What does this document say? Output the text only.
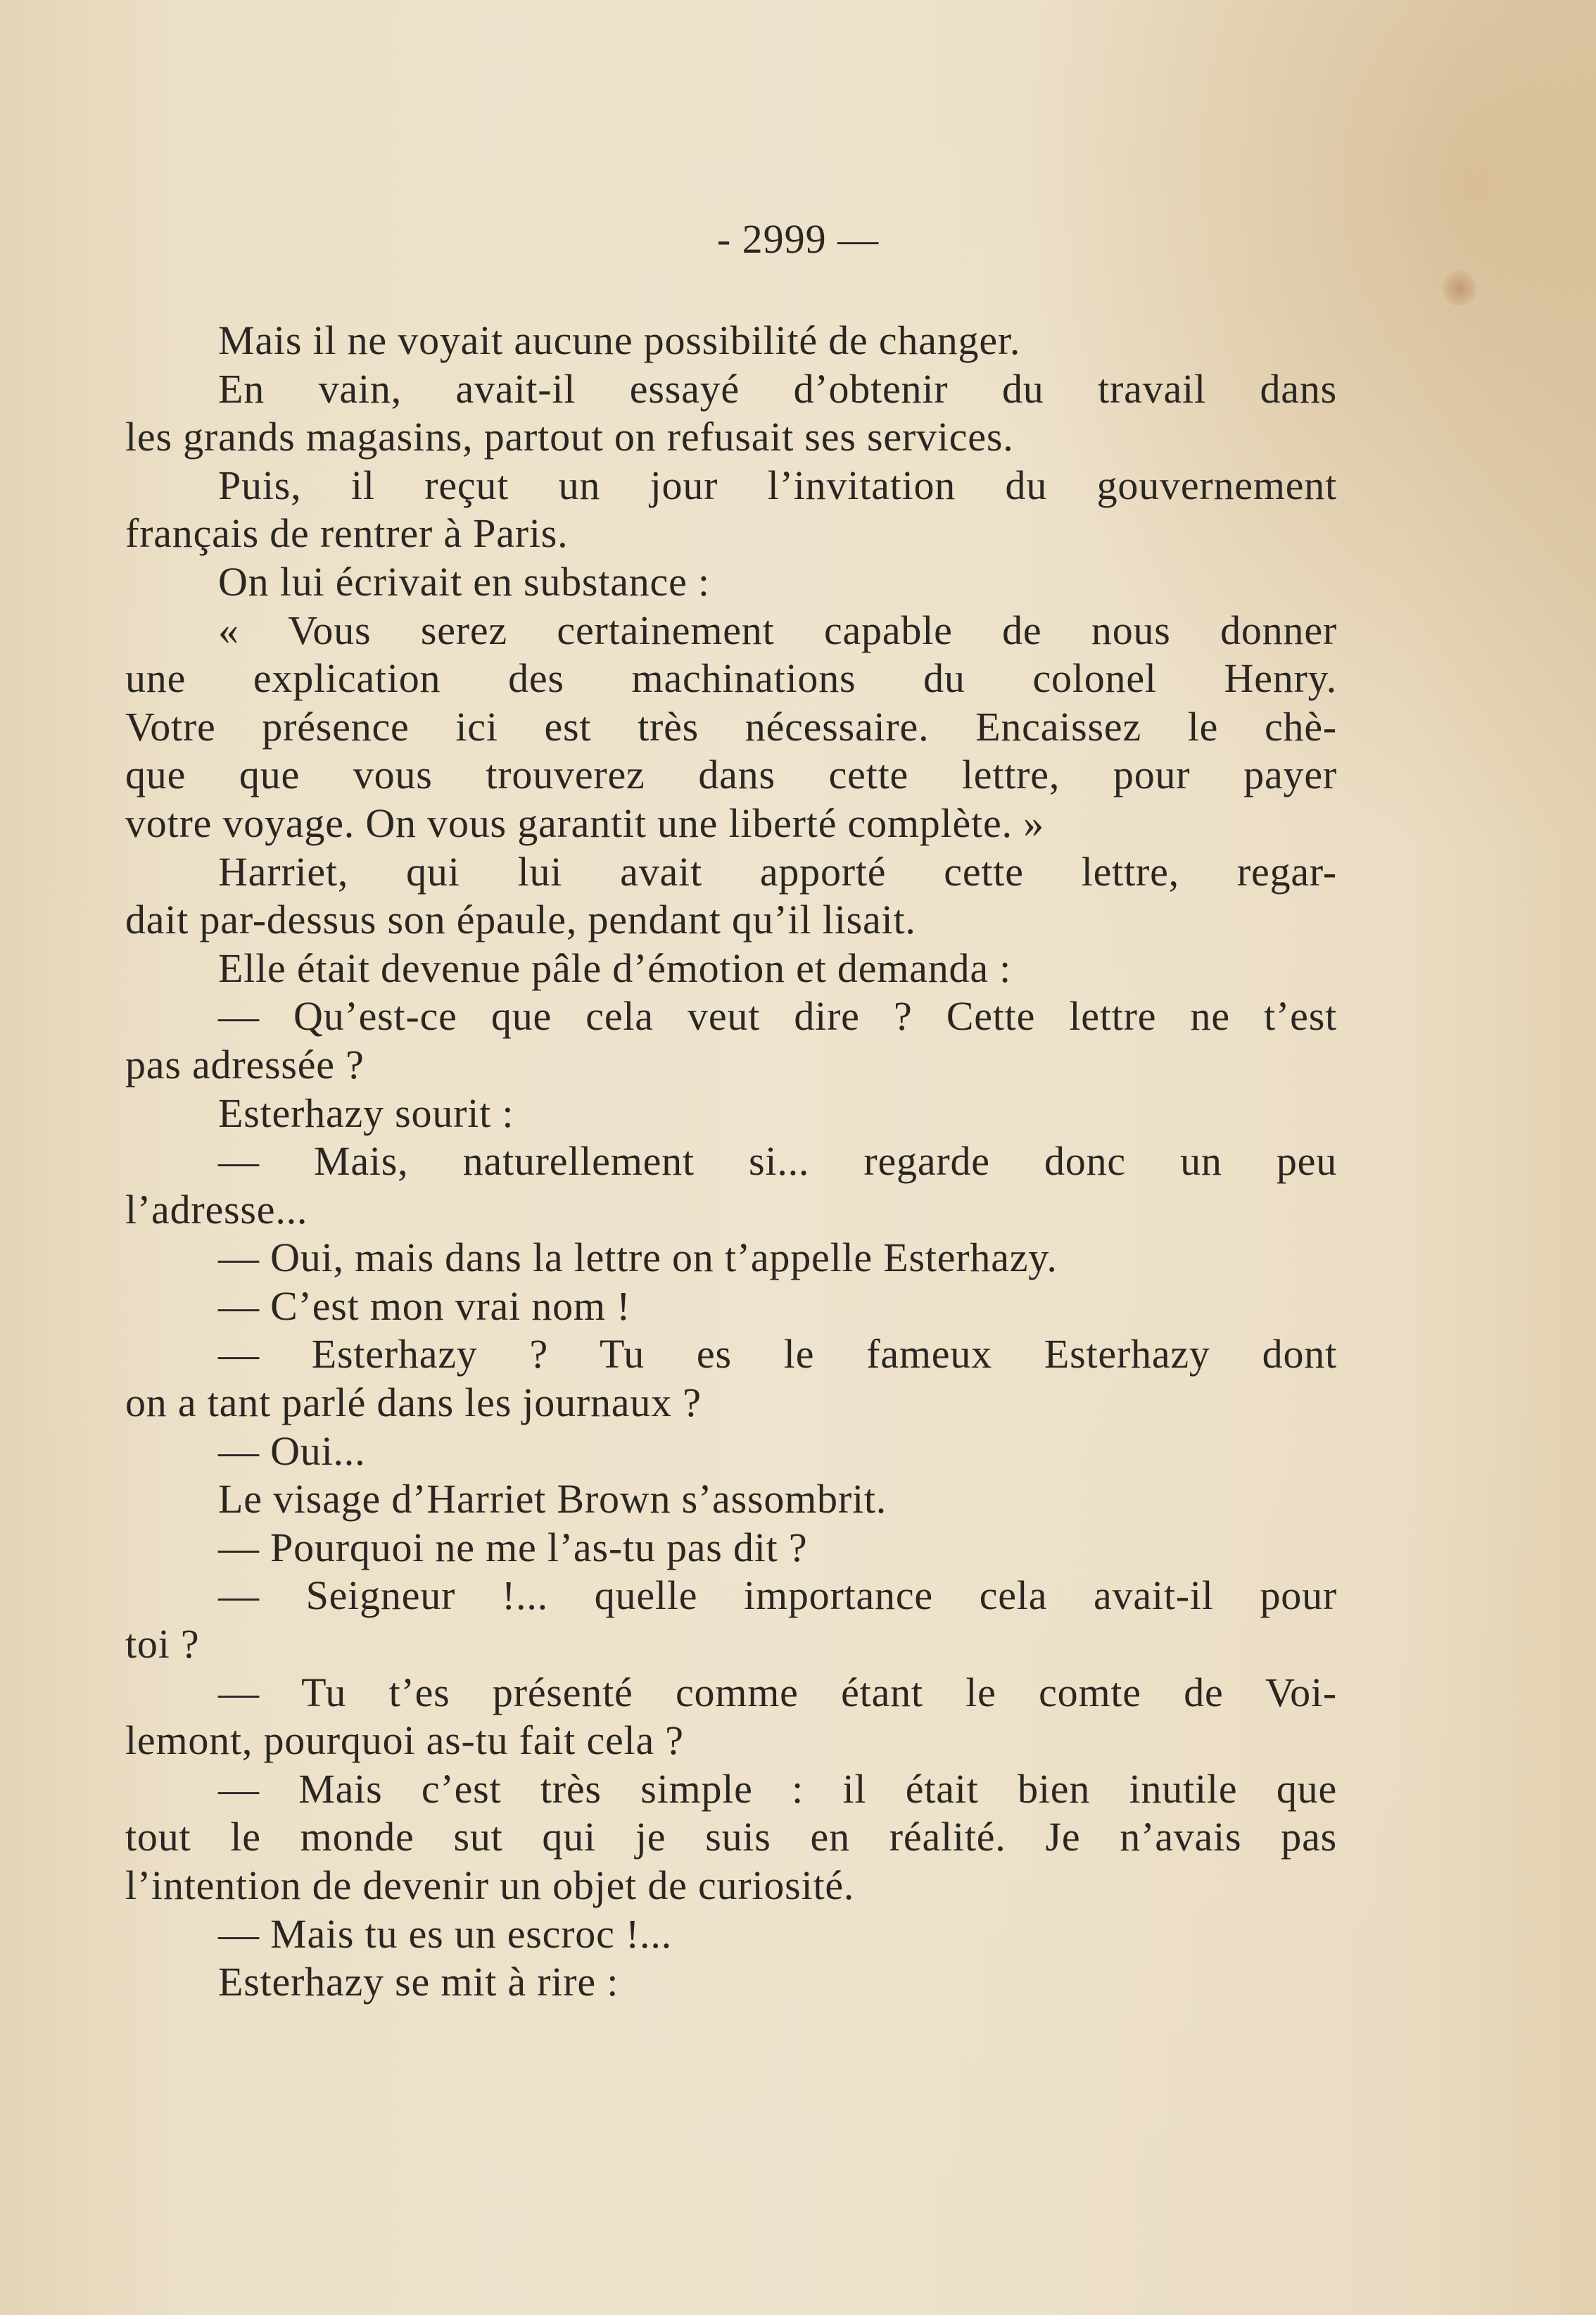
- 2999 —
Mais il ne voyait aucune possibilité de changer.
En vain, avait-il essayé d’obtenir du travail dans
les grands magasins, partout on refusait ses services.
Puis, il reçut un jour l’invitation du gouvernement
français de rentrer à Paris.
On lui écrivait en substance :
« Vous serez certainement capable de nous donner
une explication des machinations du colonel Henry.
Votre présence ici est très nécessaire. Encaissez le chè-
que que vous trouverez dans cette lettre, pour payer
votre voyage. On vous garantit une liberté complète. »
Harriet, qui lui avait apporté cette lettre, regar-
dait par-dessus son épaule, pendant qu’il lisait.
Elle était devenue pâle d’émotion et demanda :
— Qu’est-ce que cela veut dire ? Cette lettre ne t’est
pas adressée ?
Esterhazy sourit :
— Mais, naturellement si... regarde donc un peu
l’adresse...
— Oui, mais dans la lettre on t’appelle Esterhazy.
— C’est mon vrai nom !
— Esterhazy ? Tu es le fameux Esterhazy dont
on a tant parlé dans les journaux ?
— Oui...
Le visage d’Harriet Brown s’assombrit.
— Pourquoi ne me l’as-tu pas dit ?
— Seigneur !... quelle importance cela avait-il pour
toi ?
— Tu t’es présenté comme étant le comte de Voi-
lemont, pourquoi as-tu fait cela ?
— Mais c’est très simple : il était bien inutile que
tout le monde sut qui je suis en réalité. Je n’avais pas
l’intention de devenir un objet de curiosité.
— Mais tu es un escroc !...
Esterhazy se mit à rire :
